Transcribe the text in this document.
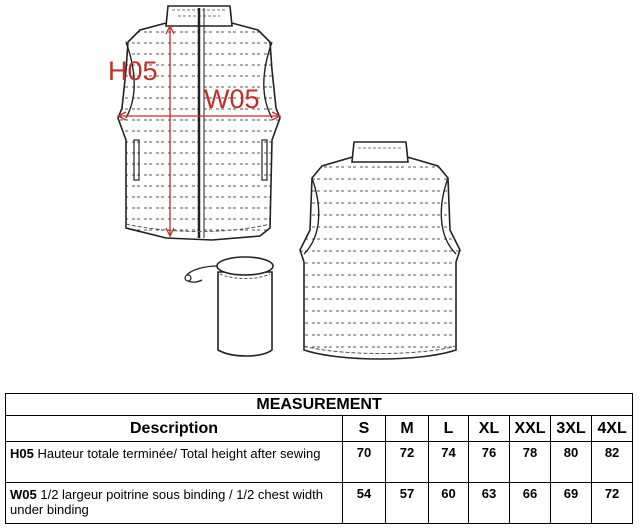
H05
W05
MEASUREMENT							
Description	S	M	L	XL	XXL	3XL	4XL
H05 Hauteur totale terminée/ Total height after sewing	70	72	74	76	78	80	82
W05 1/2 largeur poitrine sous binding / 1/2 chest width under binding	54	57	60	63	66	69	72
